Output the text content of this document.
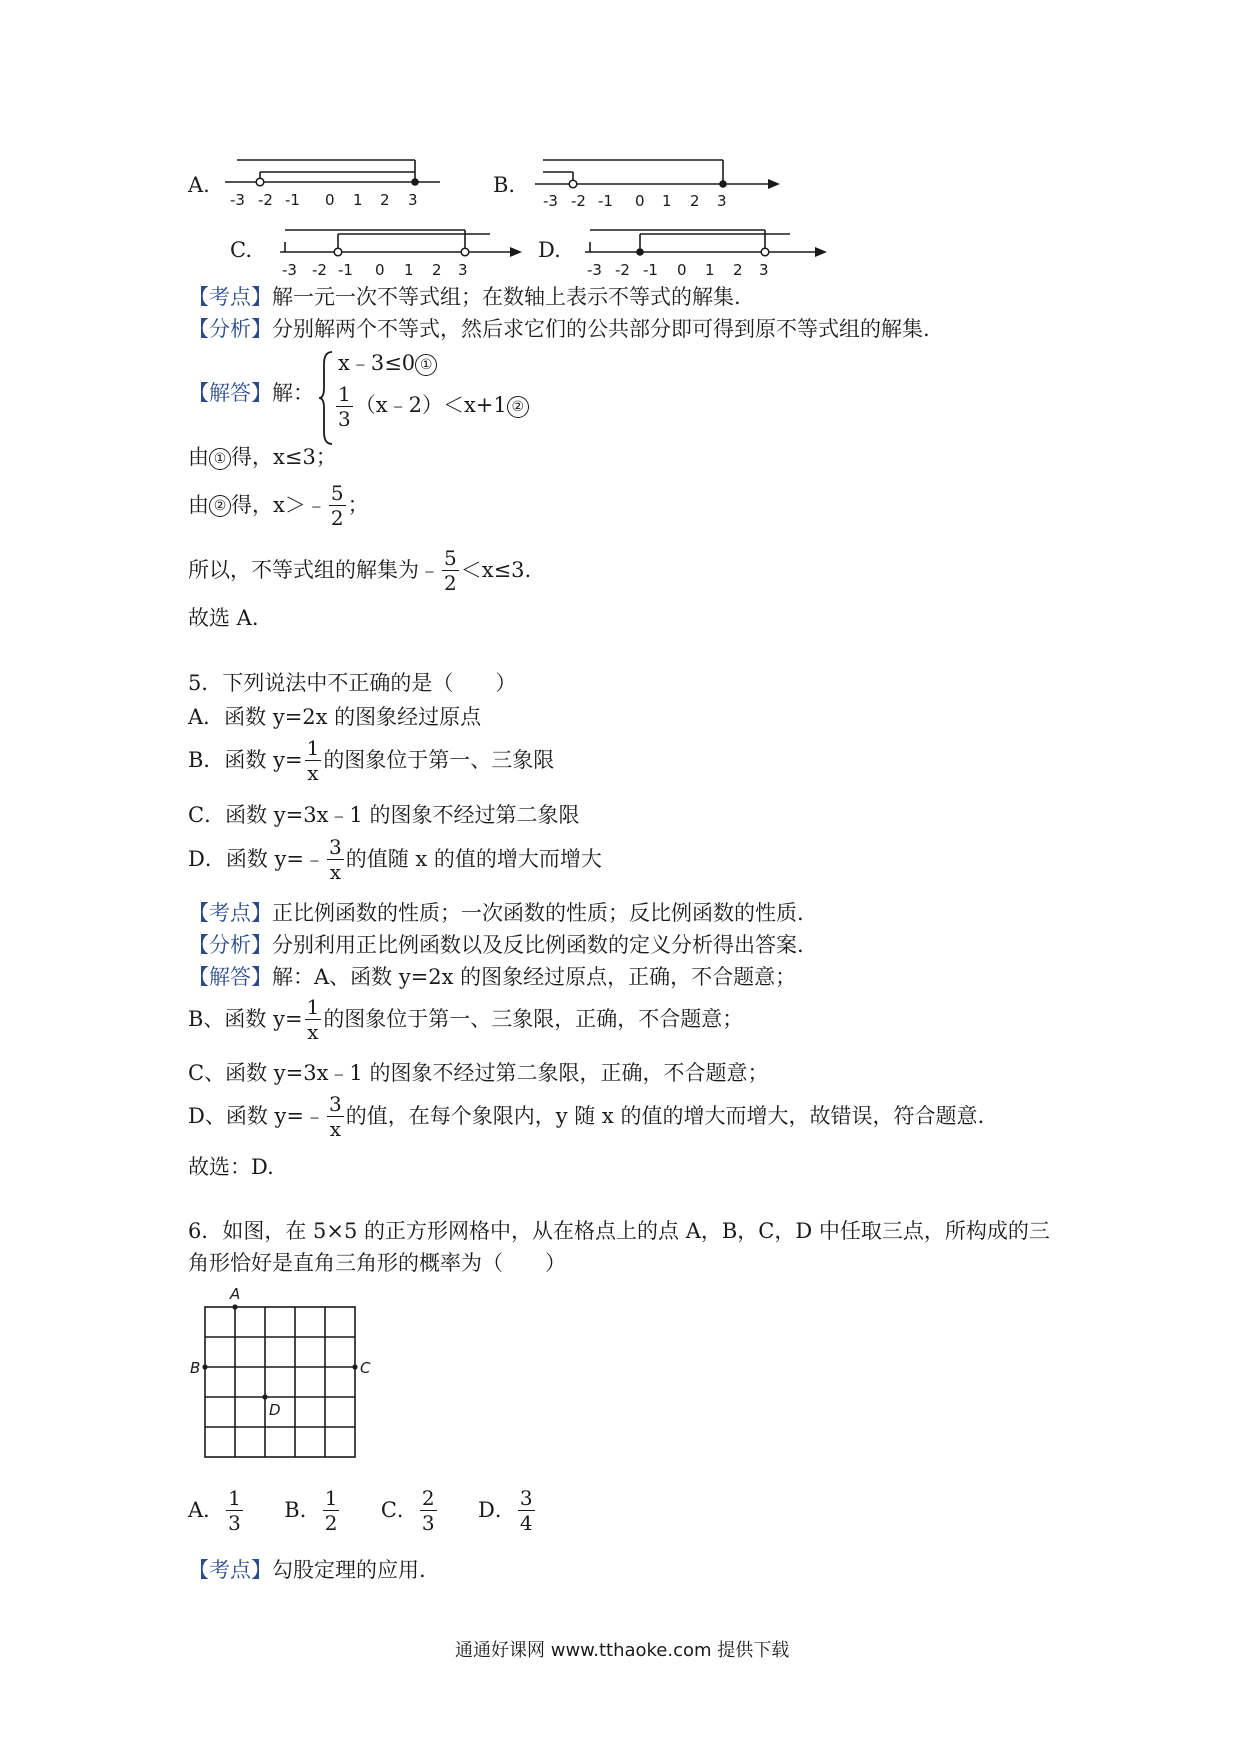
A.
-3 -2 -1 0 1 2 3
B.
-3 -2 -1 0 1 2 3
C.
-3 -2 -1 0 1 2 3
D.
-3 -2 -1 0 1 2 3
【考点】解一元一次不等式组；在数轴上表示不等式的解集.
【分析】分别解两个不等式，然后求它们的公共部分即可得到原不等式组的解集.
【解答】解：
x﹣3≤0 ①
$\frac{1}{3}$ （x﹣2）＜x+1 ②
由 ① 得，x≤3；
由 ② 得，x＞﹣ $\frac{5}{2}$ ；
所以，不等式组的解集为﹣ $\frac{5}{2} <x\le 3$.
故选 A.
5．下列说法中不正确的是（　　）
A．函数 y=2x 的图象经过原点
B．函数 $y= \frac{1}{x}$ 的图象位于第一、三象限
C．函数 y=3x﹣1 的图象不经过第二象限
D．函数 y=﹣ $\frac{3}{x}$ 的值随 x 的值的增大而增大
【考点】正比例函数的性质；一次函数的性质；反比例函数的性质.
【分析】分别利用正比例函数以及反比例函数的定义分析得出答案.
【解答】解：A、函数 y=2x 的图象经过原点，正确，不合题意；
B、函数 $y= \frac{1}{x}$ 的图象位于第一、三象限，正确，不合题意；
C、函数 y=3x﹣1 的图象不经过第二象限，正确，不合题意；
D、函数 y=﹣ $\frac{3}{x}$ 的值，在每个象限内，y 随 x 的值的增大而增大，故错误，符合题意.
故选：D.
6．如图，在 5×5 的正方形网格中，从在格点上的点 A，B，C，D 中任取三点，所构成的三
角形恰好是直角三角形的概率为（　　）
A
B	C
D
A． $\frac{1}{3}$ B． $\frac{1}{2}$ C． $\frac{2}{3}$ D． $\frac{3}{4}$
【考点】勾股定理的应用.
通通好课网 www.tthaoke.com 提供下载
